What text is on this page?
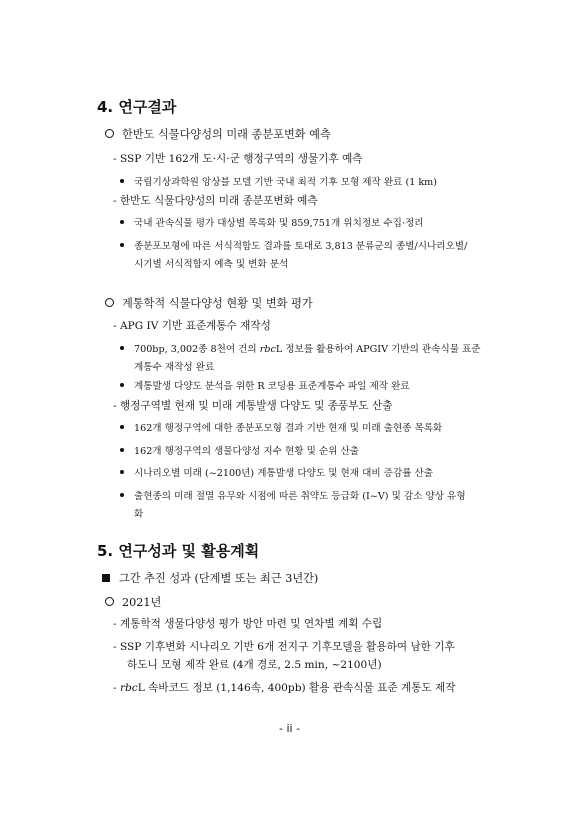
4. 연구결과
한반도 식물다양성의 미래 종분포변화 예측
- SSP 기반 162개 도·시·군 행정구역의 생물기후 예측
국립기상과학원 앙상블 모델 기반 국내 최적 기후 모형 제작 완료 (1 km)
- 한반도 식물다양성의 미래 종분포변화 예측
국내 관속식물 평가 대상별 목록화 및 859,751개 위치정보 수집·정리
종분포모형에 따른 서식적합도 결과를 토대로 3,813 분류군의 종별/시나리오별/
시기별 서식적합지 예측 및 변화 분석
계통학적 식물다양성 현황 및 변화 평가
- APG IV 기반 표준계통수 재작성
700bp, 3,002종 8천여 건의 rbcL 정보를 활용하여 APGIV 기반의 관속식물 표준
계통수 재작성 완료
계통발생 다양도 분석을 위한 R 코딩용 표준계통수 파일 제작 완료
- 행정구역별 현재 및 미래 계통발생 다양도 및 종풍부도 산출
162개 행정구역에 대한 종분포모형 결과 기반 현재 및 미래 출현종 목록화
162개 행정구역의 생물다양성 지수 현황 및 순위 산출
시나리오별 미래 (~2100년) 계통발생 다양도 및 현재 대비 증감률 산출
출현종의 미래 절멸 유무와 시점에 따른 취약도 등급화 (I~V) 및 감소 양상 유형
화
5. 연구성과 및 활용계획
그간 추진 성과 (단계별 또는 최근 3년간)
2021년
- 계통학적 생물다양성 평가 방안 마련 및 연차별 계획 수립
- SSP 기후변화 시나리오 기반 6개 전지구 기후모델을 활용하여 남한 기후
하도니 모형 제작 완료 (4개 경로, 2.5 min, ~2100년)
- rbcL 속바코드 정보 (1,146속, 400pb) 활용 관속식물 표준 계통도 제작
- ii -
